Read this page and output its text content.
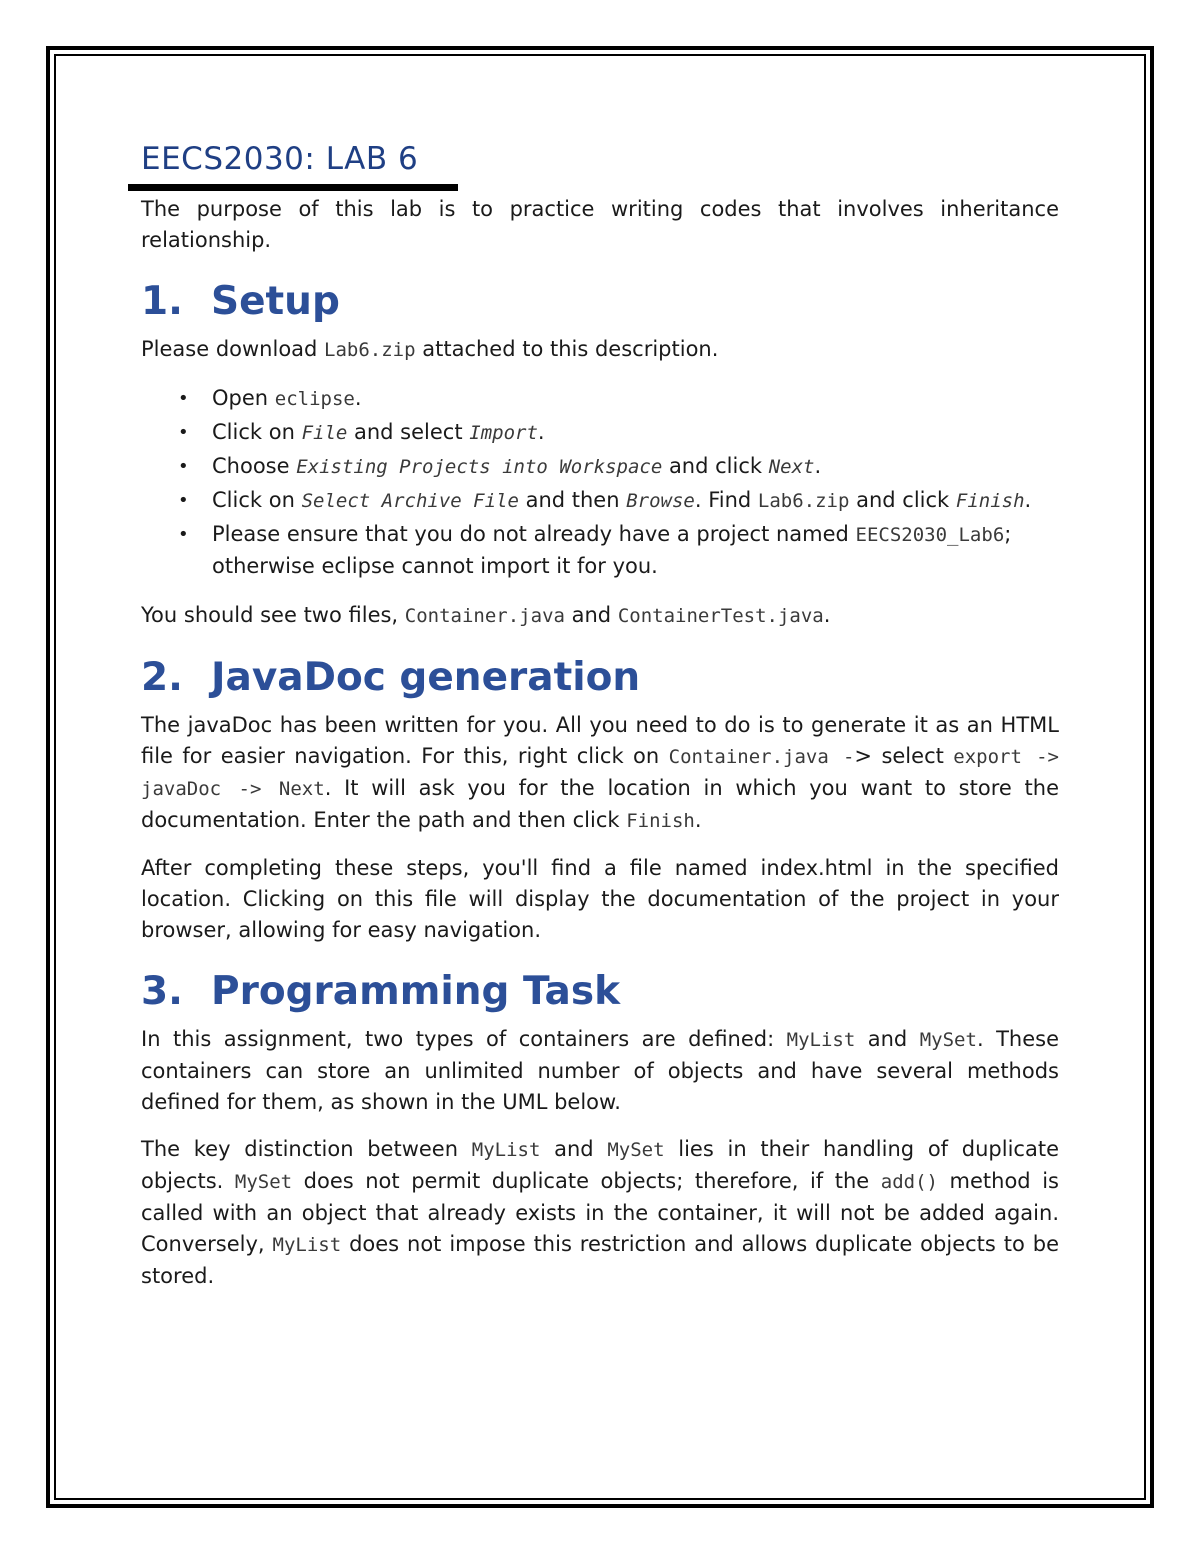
EECS2030: LAB 6

The purpose of this lab is to practice writing codes that involves inheritance relationship.

1. Setup

Please download Lab6.zip attached to this description.

• Open eclipse.
• Click on File and select Import.
• Choose Existing Projects into Workspace and click Next.
• Click on Select Archive File and then Browse. Find Lab6.zip and click Finish.
• Please ensure that you do not already have a project named EECS2030_Lab6; otherwise eclipse cannot import it for you.

You should see two files, Container.java and ContainerTest.java.

2. JavaDoc generation

The javaDoc has been written for you. All you need to do is to generate it as an HTML file for easier navigation. For this, right click on Container.java -> select export -> javaDoc -> Next. It will ask you for the location in which you want to store the documentation. Enter the path and then click Finish.

After completing these steps, you'll find a file named index.html in the specified location. Clicking on this file will display the documentation of the project in your browser, allowing for easy navigation.

3. Programming Task

In this assignment, two types of containers are defined: MyList and MySet. These containers can store an unlimited number of objects and have several methods defined for them, as shown in the UML below.

The key distinction between MyList and MySet lies in their handling of duplicate objects. MySet does not permit duplicate objects; therefore, if the add() method is called with an object that already exists in the container, it will not be added again. Conversely, MyList does not impose this restriction and allows duplicate objects to be stored.
